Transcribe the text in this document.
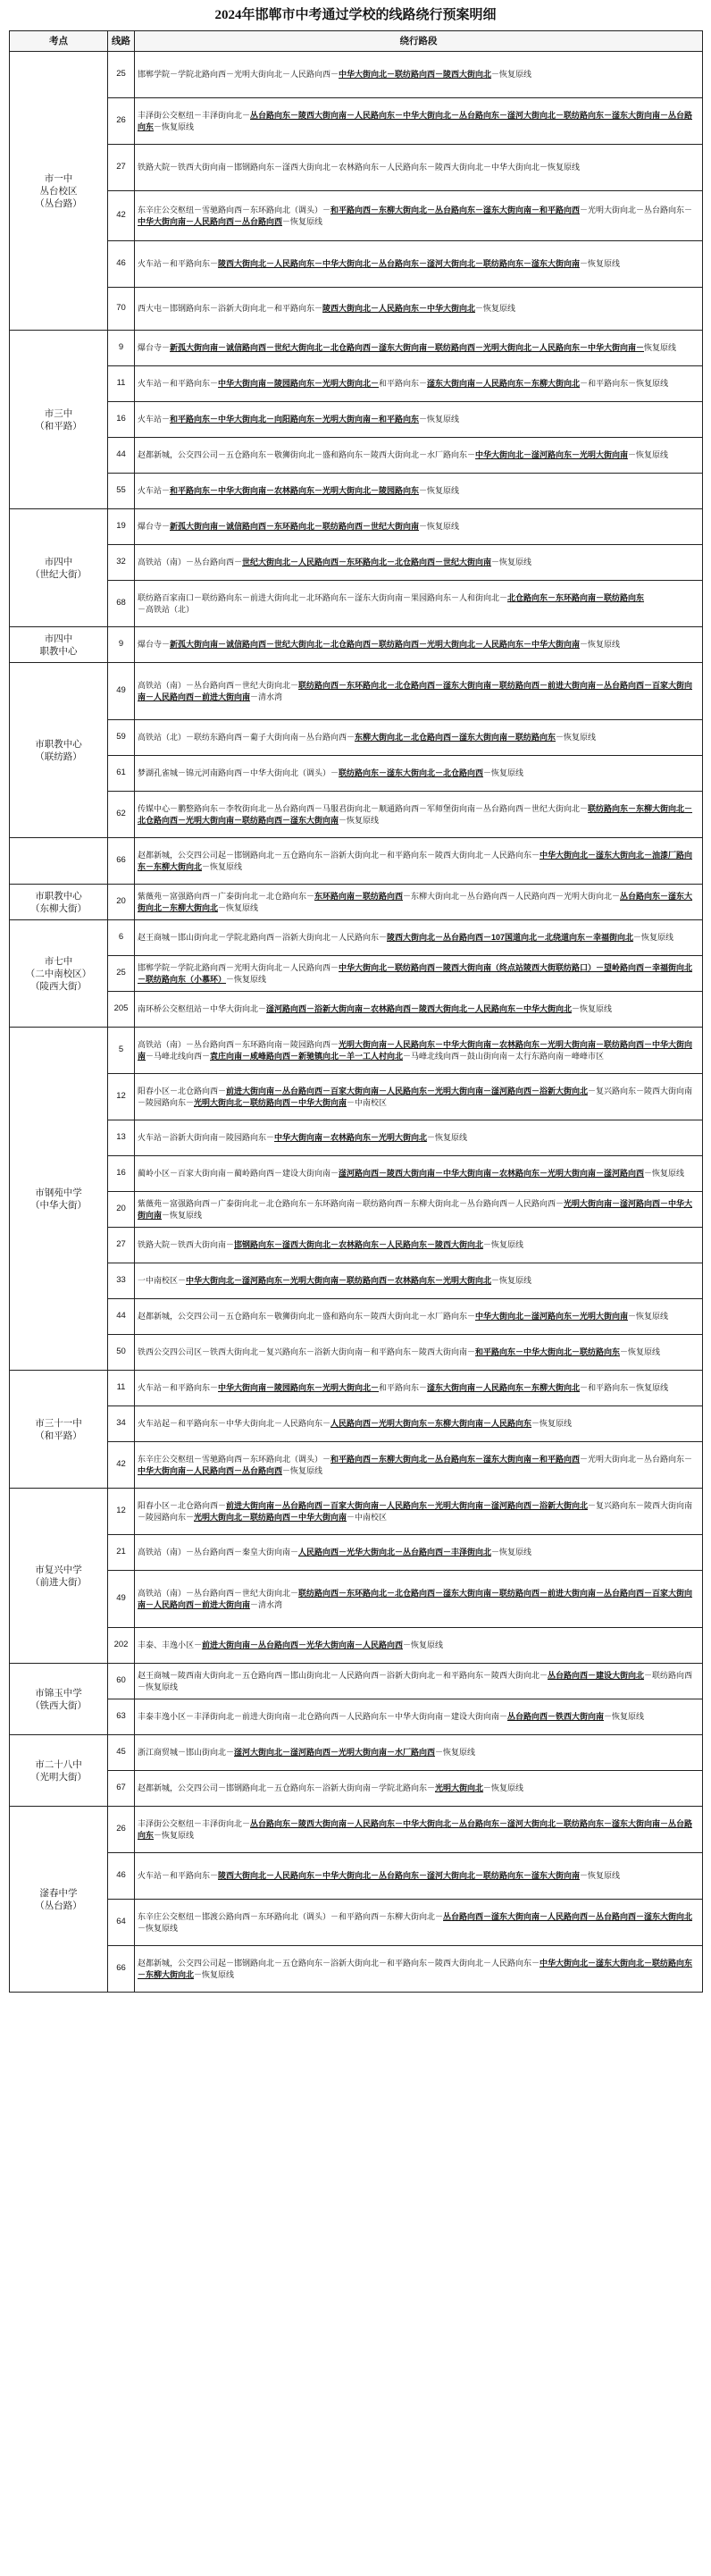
2024年邯郸市中考通过学校的线路绕行预案明细
考点	线路	绕行路段
市一中
丛台校区
（丛台路）	25	邯郸学院－学院北路向西－光明大街向北－人民路向西－中华大街向北－联纺路向西－陵西大街向北－恢复原线
	26	丰泽街公交枢纽－丰泽街向北－丛台路向东－陵西大街向南－人民路向东－中华大街向北－丛台路向东－滏河大街向北－联纺路向东－滏东大街向南－丛台路向东－恢复原线
	27	铁路大院－铁西大街向南－邯钢路向东－滏西大街向北－农林路向东－人民路向东－陵西大街向北－中华大街向北－恢复原线
	42	东辛庄公交枢纽－雪驰路向西－东环路向北（调头）－和平路向西－东柳大街向北－丛台路向东－滏东大街向南－和平路向西－光明大街向北－丛台路向东－中华大街向南－人民路向西－丛台路向西－恢复原线
	46	火车站－和平路向东－陵西大街向北－人民路向东－中华大街向北－丛台路向东－滏河大街向北－联纺路向东－滏东大街向南－恢复原线
	70	西大屯－邯钢路向东－浴新大街向北－和平路向东－陵西大街向北－人民路向东－中华大街向北－恢复原线
市三中
（和平路）	9	爆台寺－新孤大街向南－诚信路向西－世纪大街向北－北仓路向西－滏东大街向南－联纺路向西－光明大街向北－人民路向东－中华大街向南－恢复原线
	11	火车站－和平路向东－中华大街向南－陵园路向东－光明大街向北－和平路向东－滏东大街向南－人民路向东－东柳大街向北－和平路向东－恢复原线
	16	火车站－和平路向东－中华大街向北－向阳路向东－光明大街向南－和平路向东－恢复原线
	44	赵都新城，公交四公司－五仓路向东－敬狮街向北－盛和路向东－陵西大街向北－水厂路向东－中华大街向北－滏河路向东－光明大街向南－恢复原线
	55	火车站－和平路向东－中华大街向南－农林路向东－光明大街向北－陵园路向东－恢复原线
市四中
（世纪大街）	19	爆台寺－新孤大街向南－诚信路向西－东环路向北－联纺路向西－世纪大街向南－恢复原线
	32	高铁站（南）－丛台路向西－世纪大街向北－人民路向西－东环路向北－北仓路向西－世纪大街向南－恢复原线
	68	联纺路百家南口－联纺路向东－前进大街向北－北环路向东－滏东大街向南－果园路向东－人和街向北－北仓路向东－东环路向南－联纺路向东－高铁站（北）
市四中
职教中心	9	爆台寺－新孤大街向南－诚信路向西－世纪大街向北－北仓路向西－联纺路向西－光明大街向北－人民路向东－中华大街向南－恢复原线
市职教中心
（联纺路）	49	高铁站（南）－丛台路向西－世纪大街向北－联纺路向西－东环路向北－北仓路向西－滏东大街向南－联纺路向西－前进大街向南－丛台路向西－百家大街向南－人民路向西－前进大街向南－清水湾
	59	高铁站（北）－联纺东路向西－葡子大街向南－丛台路向西－东柳大街向北－北仓路向西－滏东大街向南－联纺路向东－恢复原线
	61	梦湖孔雀城－锦元河南路向西－中华大街向北（调头）－联纺路向东－滏东大街向北－北仓路向西－恢复原线
	62	传媒中心－鹏整路向东－李牧街向北－丛台路向西－马服君街向北－顺通路向西－军师堡街向南－丛台路向西－世纪大街向北－联纺路向东－东柳大街向北－北仓路向西－光明大街向南－联纺路向西－滏东大街向南－恢复原线
	66	赵都新城，公交四公司起－邯钢路向北－五仓路向东－浴新大街向北－和平路向东－陵西大街向北－人民路向东－中华大街向北－滏东大街向北－油漆厂路向东－东柳大街向北－恢复原线
市职教中心
（东柳大街）	20	紫薇苑－富强路向西－广泰街向北－北仓路向东－东环路向南－联纺路向西－东柳大街向北－丛台路向西－人民路向西－光明大街向北－丛台路向东－滏东大街向北－东柳大街向北－恢复原线
市七中
（二中南校区）
（陵西大街）	6	赵王商城－邯山街向北－学院北路向西－浴新大街向北－人民路向东－陵西大街向北－丛台路向西－107国道向北－北绕道向东－幸福街向北－恢复原线
	25	邯郸学院－学院北路向西－光明大街向北－人民路向西－中华大街向北－联纺路向西－陵西大街向南（终点站陵西大街联纺路口）－望岭路向西－幸福街向北－联纺路向东（小慕环）－恢复原线
	205	南环桥公交枢纽站－中华大街向北－滏河路向西－浴新大街向南－农林路向西－陵西大街向北－人民路向东－中华大街向北－恢复原线
市钢苑中学
（中华大街）	5	高铁站（南）－丛台路向西－东环路向南－陵园路向西－光明大街向南－人民路向东－中华大街向南－农林路向东－光明大街向南－联纺路向西－中华大街向南－马峰北线向西－袁庄向南－咸峰路向西－新驰镇向北－羊一工人村向北－马峰北线向西－鼓山街向南－太行东路向南－峰峰市区
	12	阳春小区－北仓路向西－前进大街向南－丛台路向西－百家大街向南－人民路向东－光明大街向南－滏河路向西－浴新大街向北－复兴路向东－陵西大街向南－陵园路向东－光明大街向北－联纺路向西－中华大街向南－中南校区
	13	火车站－浴新大街向南－陵园路向东－中华大街向南－农林路向东－光明大街向北－恢复原线
	16	蔺岭小区－百家大街向南－蔺岭路向西－建设大街向南－滏河路向西－陵西大街向南－中华大街向南－农林路向东－光明大街向南－滏河路向西－恢复原线
	20	紫薇苑－富强路向西－广泰街向北－北仓路向东－东环路向南－联纺路向西－东柳大街向北－丛台路向西－人民路向西－光明大街向南－滏河路向西－中华大街向南－恢复原线
	27	铁路大院－铁西大街向南－邯钢路向东－滏西大街向北－农林路向东－人民路向东－陵西大街向北－恢复原线
	33	一中南校区－中华大街向北－滏河路向东－光明大街向南－联纺路向西－农林路向东－光明大街向北－恢复原线
	44	赵都新城，公交四公司－五仓路向东－敬狮街向北－盛和路向东－陵西大街向北－水厂路向东－中华大街向北－滏河路向东－光明大街向南－恢复原线
	50	铁西公交四公司区－铁西大街向北－复兴路向东－浴新大街向南－和平路向东－陵西大街向南－和平路向东－中华大街向北－联纺路向东－恢复原线
市三十一中
（和平路）	11	火车站－和平路向东－中华大街向南－陵园路向东－光明大街向北－和平路向东－滏东大街向南－人民路向东－东柳大街向北－和平路向东－恢复原线
	34	火车站起－和平路向东－中华大街向北－人民路向东－人民路向西－光明大街向东－东柳大街向南－人民路向东－恢复原线
	42	东辛庄公交枢纽－雪驰路向西－东环路向北（调头）－和平路向西－东柳大街向北－丛台路向东－滏东大街向南－和平路向西－光明大街向北－丛台路向东－中华大街向南－人民路向西－丛台路向西－恢复原线
市复兴中学
（前进大街）	12	阳春小区－北仓路向西－前进大街向南－丛台路向西－百家大街向南－人民路向东－光明大街向南－滏河路向西－浴新大街向北－复兴路向东－陵西大街向南－陵园路向东－光明大街向北－联纺路向西－中华大街向南－中南校区
	21	高铁站（南）－丛台路向西－秦皇大街向南－人民路向西－光华大街向北－丛台路向西－丰泽街向北－恢复原线
	49	高铁站（南）－丛台路向西－世纪大街向北－联纺路向西－东环路向北－北仓路向西－滏东大街向南－联纺路向西－前进大街向南－丛台路向西－百家大街向南－人民路向西－前进大街向南－清水湾
	202	丰泰、丰逸小区－前进大街向南－丛台路向西－光华大街向南－人民路向西－恢复原线
市锦玉中学
（铁西大街）	60	赵王商城－陵西南大街向北－五仓路向西－邯山街向北－人民路向西－浴新大街向北－和平路向东－陵西大街向北－丛台路向西－建设大街向北－联纺路向西－恢复原线
	63	丰泰丰逸小区－丰泽街向北－前进大街向南－北仓路向西－人民路向东－中华大街向南－建设大街向南－丛台路向西－铁西大街向南－恢复原线
市二十八中
（光明大街）	45	浙江商贸城－邯山街向北－滏河大街向北－滏河路向西－光明大街向南－水厂路向西－恢复原线
	67	赵都新城，公交四公司－邯钢路向北－五仓路向东－浴新大街向南－学院北路向东－光明大街向北－恢复原线
滏春中学
（丛台路）	26	丰泽街公交枢纽－丰泽街向北－丛台路向东－陵西大街向南－人民路向东－中华大街向北－丛台路向东－滏河大街向北－联纺路向东－滏东大街向南－丛台路向东－恢复原线
	46	火车站－和平路向东－陵西大街向北－人民路向东－中华大街向北－丛台路向东－滏河大街向北－联纺路向东－滏东大街向南－恢复原线
	64	东辛庄公交枢纽－邯渡公路向西－东环路向北（调头）－和平路向西－东柳大街向北－丛台路向西－滏东大街向南－人民路向西－丛台路向西－滏东大街向北－恢复原线
	66	赵都新城，公交四公司起－邯钢路向北－五仓路向东－浴新大街向北－和平路向东－陵西大街向北－人民路向东－中华大街向北－滏东大街向北－联纺路向东－东柳大街向北－恢复原线
